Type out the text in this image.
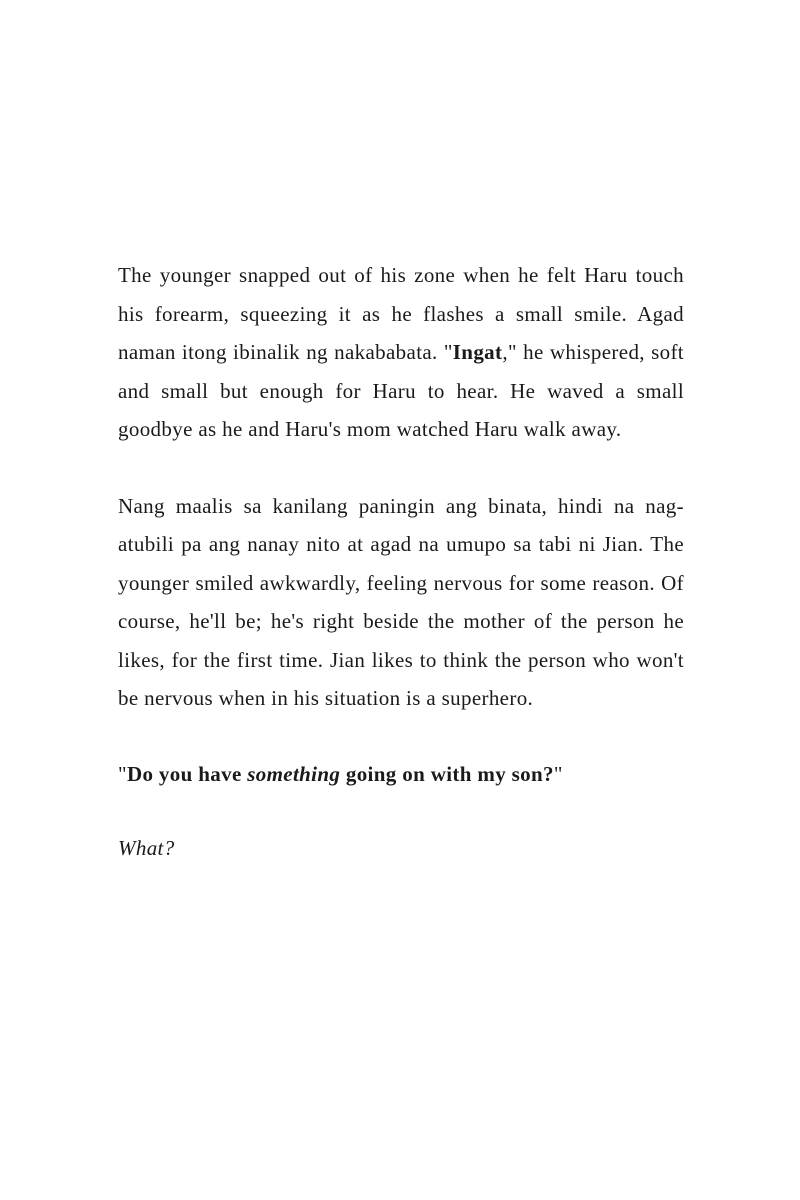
The younger snapped out of his zone when he felt Haru touch his forearm, squeezing it as he flashes a small smile. Agad naman itong ibinalik ng nakababata. "Ingat," he whispered, soft and small but enough for Haru to hear. He waved a small goodbye as he and Haru's mom watched Haru walk away.

Nang maalis sa kanilang paningin ang binata, hindi na nag-atubili pa ang nanay nito at agad na umupo sa tabi ni Jian. The younger smiled awkwardly, feeling nervous for some reason. Of course, he'll be; he's right beside the mother of the person he likes, for the first time. Jian likes to think the person who won't be nervous when in his situation is a superhero.

"Do you have something going on with my son?"

What?
